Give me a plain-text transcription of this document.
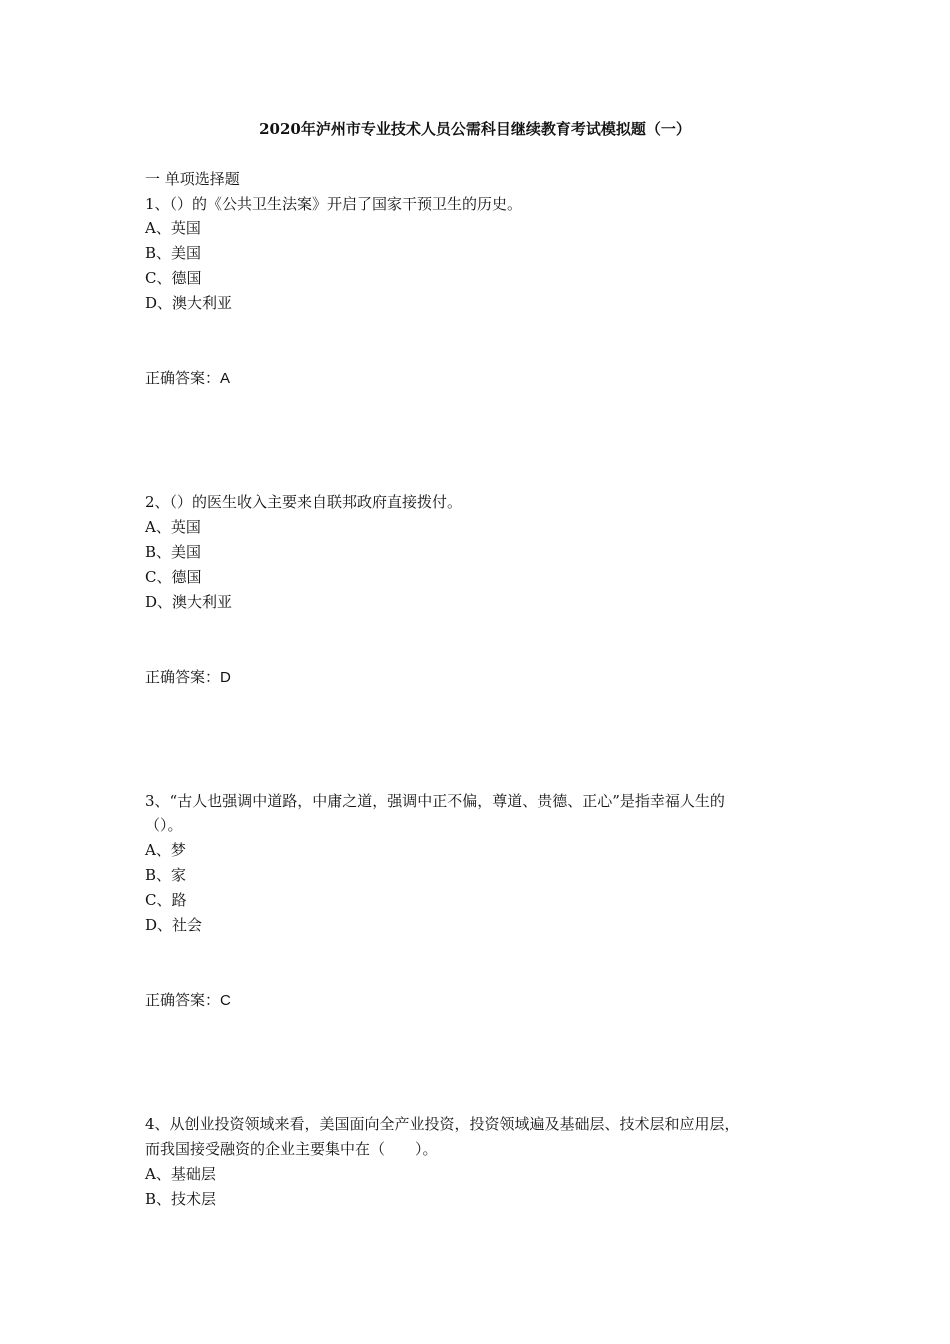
2020年泸州市专业技术人员公需科目继续教育考试模拟题（一）
一 单项选择题
1、（）的《公共卫生法案》开启了国家干预卫生的历史。
A、英国
B、美国
C、德国
D、澳大利亚
正确答案：A
2、（）的医生收入主要来自联邦政府直接拨付。
A、英国
B、美国
C、德国
D、澳大利亚
正确答案：D
3、“古人也强调中道路，中庸之道，强调中正不偏，尊道、贵德、正心”是指幸福人生的
（）。
A、梦
B、家
C、路
D、社会
正确答案：C
4、从创业投资领域来看，美国面向全产业投资，投资领域遍及基础层、技术层和应用层，
而我国接受融资的企业主要集中在（　　）。
A、基础层
B、技术层
